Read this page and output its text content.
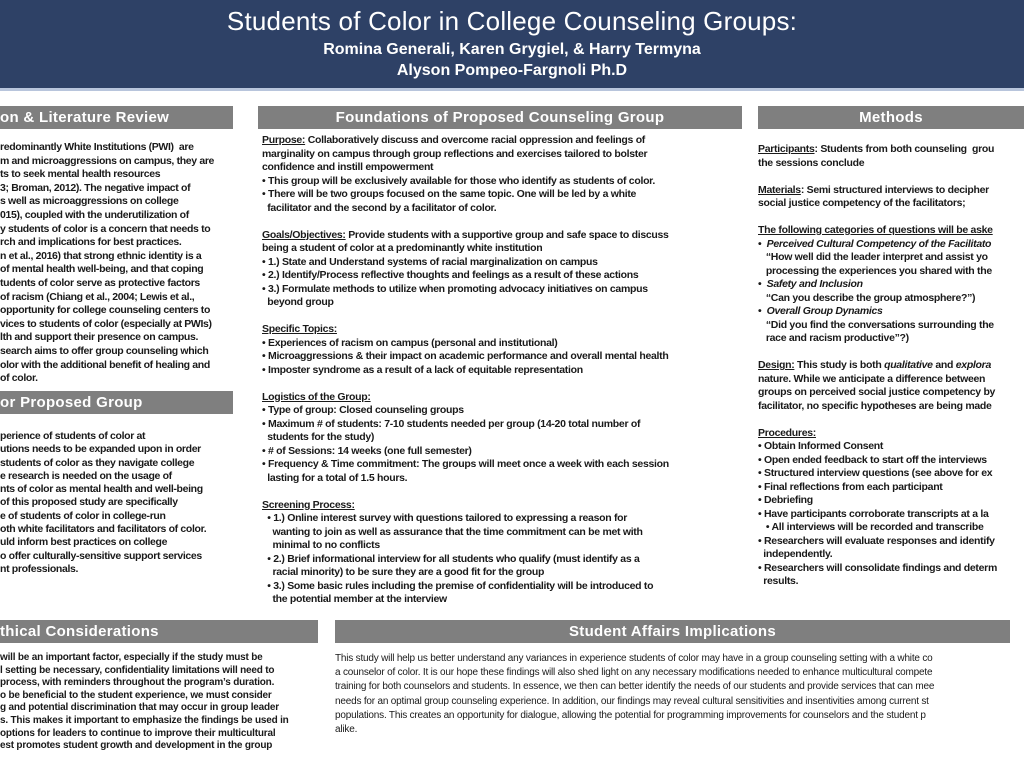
Students of Color in College Counseling Groups:
Romina Generali, Karen Grygiel, & Harry Termyna
Alyson Pompeo-Fargnoli Ph.D
on & Literature Review	Foundations of Proposed Counseling Group	Methods
or Proposed Group
thical Considerations	Student Affairs Implications
redominantly White Institutions (PWI)  are
m and microaggressions on campus, they are
ts to seek mental health resources
3; Broman, 2012). The negative impact of
s well as microaggressions on college
015), coupled with the underutilization of
y students of color is a concern that needs to
rch and implications for best practices.
n et al., 2016) that strong ethnic identity is a
of mental health well-being, and that coping
tudents of color serve as protective factors
of racism (Chiang et al., 2004; Lewis et al.,
opportunity for college counseling centers to
vices to students of color (especially at PWIs)
lth and support their presence on campus.
search aims to offer group counseling which
olor with the additional benefit of healing and
of color.
perience of students of color at
utions needs to be expanded upon in order
students of color as they navigate college
e research is needed on the usage of
nts of color as mental health and well-being
of this proposed study are specifically
e of students of color in college-run
oth white facilitators and facilitators of color.
uld inform best practices on college
o offer culturally-sensitive support services
nt professionals.
Purpose: Collaboratively discuss and overcome racial oppression and feelings of
marginality on campus through group reflections and exercises tailored to bolster
confidence and instill empowerment
• This group will be exclusively available for those who identify as students of color.
• There will be two groups focused on the same topic. One will be led by a white
facilitator and the second by a facilitator of color.

Goals/Objectives: Provide students with a supportive group and safe space to discuss
being a student of color at a predominantly white institution
• 1.) State and Understand systems of racial marginalization on campus
• 2.) Identify/Process reflective thoughts and feelings as a result of these actions
• 3.) Formulate methods to utilize when promoting advocacy initiatives on campus
beyond group

Specific Topics:
• Experiences of racism on campus (personal and institutional)
• Microaggressions & their impact on academic performance and overall mental health
• Imposter syndrome as a result of a lack of equitable representation

Logistics of the Group:
• Type of group: Closed counseling groups
• Maximum # of students: 7-10 students needed per group (14-20 total number of
students for the study)
• # of Sessions: 14 weeks (one full semester)
• Frequency & Time commitment: The groups will meet once a week with each session
lasting for a total of 1.5 hours.

Screening Process:
• 1.) Online interest survey with questions tailored to expressing a reason for
wanting to join as well as assurance that the time commitment can be met with
minimal to no conflicts
• 2.) Brief informational interview for all students who qualify (must identify as a
racial minority) to be sure they are a good fit for the group
• 3.) Some basic rules including the premise of confidentiality will be introduced to
the potential member at the interview
Participants: Students from both counseling  grou
the sessions conclude

Materials: Semi structured interviews to decipher
social justice competency of the facilitators;

The following categories of questions will be aske
•  Perceived Cultural Competency of the Facilitato
“How well did the leader interpret and assist yo
processing the experiences you shared with the
•  Safety and Inclusion
“Can you describe the group atmosphere?”)
•  Overall Group Dynamics
“Did you find the conversations surrounding the
race and racism productive”?)

Design: This study is both qualitative and explora
nature. While we anticipate a difference between
groups on perceived social justice competency by
facilitator, no specific hypotheses are being made

Procedures:
• Obtain Informed Consent
• Open ended feedback to start off the interviews
• Structured interview questions (see above for ex
• Final reflections from each participant
• Debriefing
• Have participants corroborate transcripts at a la
• All interviews will be recorded and transcribe
• Researchers will evaluate responses and identify
independently.
• Researchers will consolidate findings and determ
results.
will be an important factor, especially if the study must be
l setting be necessary, confidentiality limitations will need to
process, with reminders throughout the program’s duration.
o be beneficial to the student experience, we must consider
g and potential discrimination that may occur in group leader
s. This makes it important to emphasize the findings be used in
options for leaders to continue to improve their multicultural
est promotes student growth and development in the group
This study will help us better understand any variances in experience students of color may have in a group counseling setting with a white co
a counselor of color. It is our hope these findings will also shed light on any necessary modifications needed to enhance multicultural compete
training for both counselors and students. In essence, we then can better identify the needs of our students and provide services that can mee
needs for an optimal group counseling experience. In addition, our findings may reveal cultural sensitivities and insentivities among current st
populations. This creates an opportunity for dialogue, allowing the potential for programming improvements for counselors and the student p
alike.
